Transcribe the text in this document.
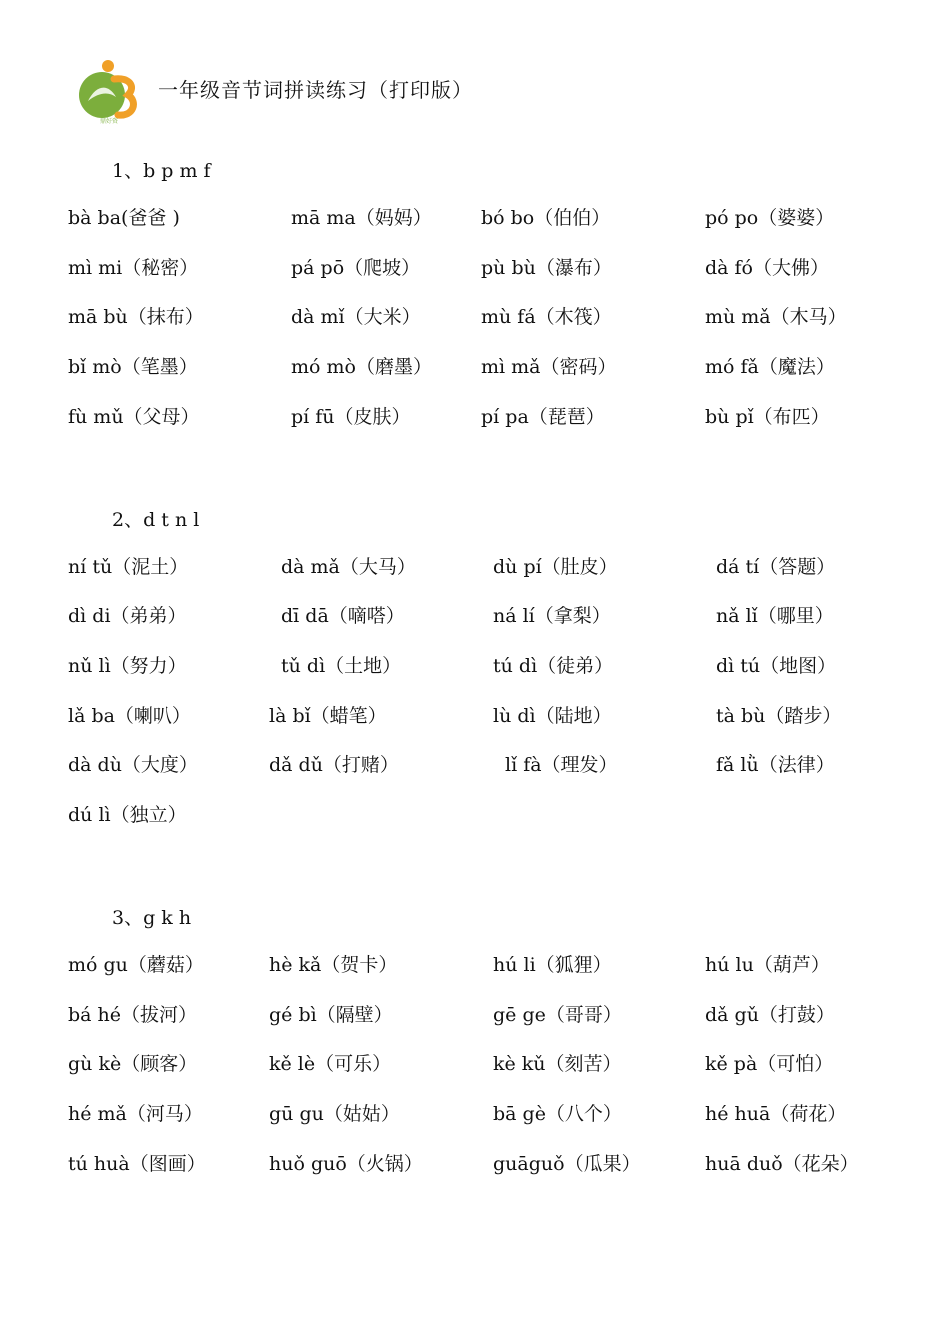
鼎好资
一年级音节词拼读练习（打印版）
1、b p m f
bà ba(爸爸 )	mā ma（妈妈）	bó bo（伯伯）	pó po（婆婆）
mì mi（秘密）	pá pō（爬坡）	pù bù（瀑布）	dà fó（大佛）
mā bù（抹布）	dà mǐ（大米）	mù fá（木筏）	mù mǎ（木马）
bǐ mò（笔墨）	mó mò（磨墨）	mì mǎ（密码）	mó fǎ（魔法）
fù mǔ（父母）	pí fū（皮肤）	pí pa（琵琶）	bù pǐ（布匹）
2、d t n l
ní tǔ（泥土）	dà mǎ（大马）	dù pí（肚皮）	dá tí（答题）
dì di（弟弟）	dī dā（嘀嗒）	ná lí（拿梨）	nǎ lǐ（哪里）
nǔ lì（努力）	tǔ dì（土地）	tú dì（徒弟）	dì tú（地图）
lǎ ba（喇叭）	là bǐ（蜡笔）	lù dì（陆地）	tà bù（踏步）
dà dù（大度）	dǎ dǔ（打赌）	lǐ fà（理发）	fǎ lǜ（法律）
dú lì（独立）
3、g k h
mó gu（蘑菇）	hè kǎ（贺卡）	hú li（狐狸）	hú lu（葫芦）
bá hé（拔河）	gé bì（隔壁）	gē ge（哥哥）	dǎ gǔ（打鼓）
gù kè（顾客）	kě lè（可乐）	kè kǔ（刻苦）	kě pà（可怕）
hé mǎ（河马）	gū gu（姑姑）	bā gè（八个）	hé huā（荷花）
tú huà（图画）	huǒ guō（火锅）	guāguǒ（瓜果）	huā duǒ（花朵）
